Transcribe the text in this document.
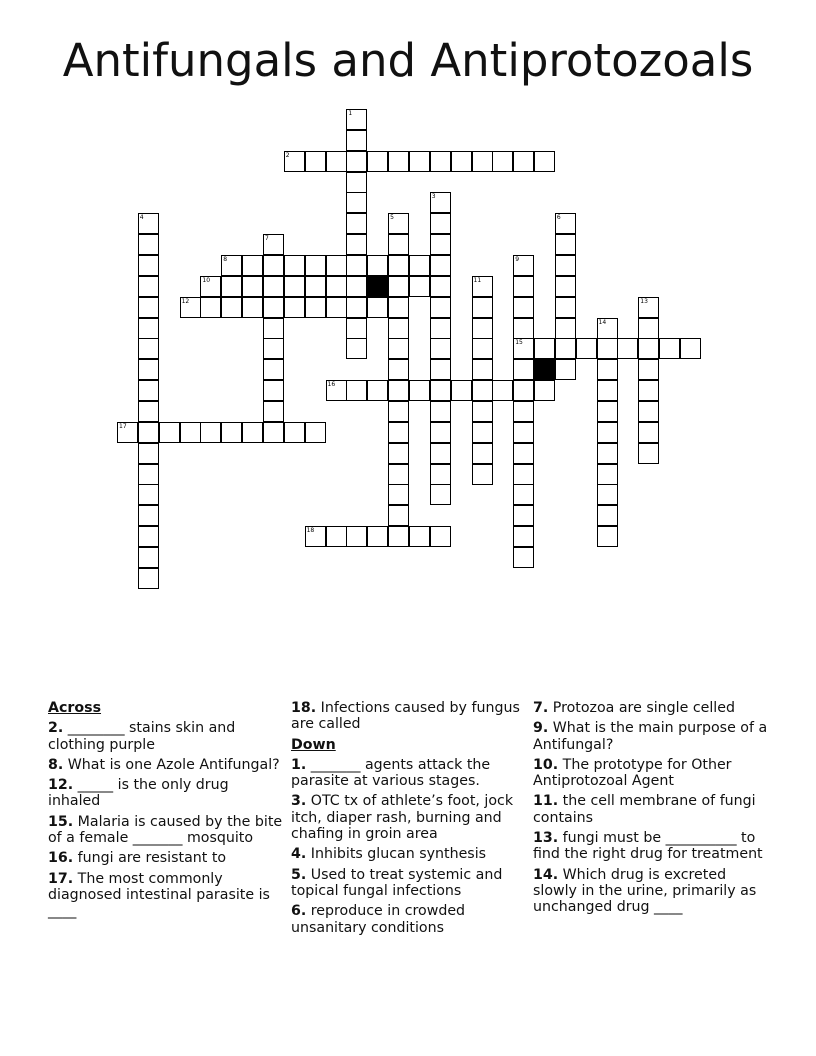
Antifungals and Antiprotozoals
2
8
10
12
15
16
17
18
1
3
4	5	6
7
9
11
13
14
Across
2. ________ stains skin and clothing purple
8. What is one Azole Antifungal?
12. _____ is the only drug inhaled
15. Malaria is caused by the bite of a female _______ mosquito
16. fungi are resistant to
17. The most commonly diagnosed intestinal parasite is ____
18. Infections caused by fungus are called
Down
1. _______ agents attack the parasite at various stages.
3. OTC tx of athlete’s foot, jock itch, diaper rash, burning and chafing in groin area
4. Inhibits glucan synthesis
5. Used to treat systemic and topical fungal infections
6. reproduce in crowded unsanitary conditions
7. Protozoa are single celled
9. What is the main purpose of a Antifungal?
10. The prototype for Other Antiprotozoal Agent
11. the cell membrane of fungi contains
13. fungi must be __________ to find the right drug for treatment
14. Which drug is excreted slowly in the urine, primarily as unchanged drug ____
